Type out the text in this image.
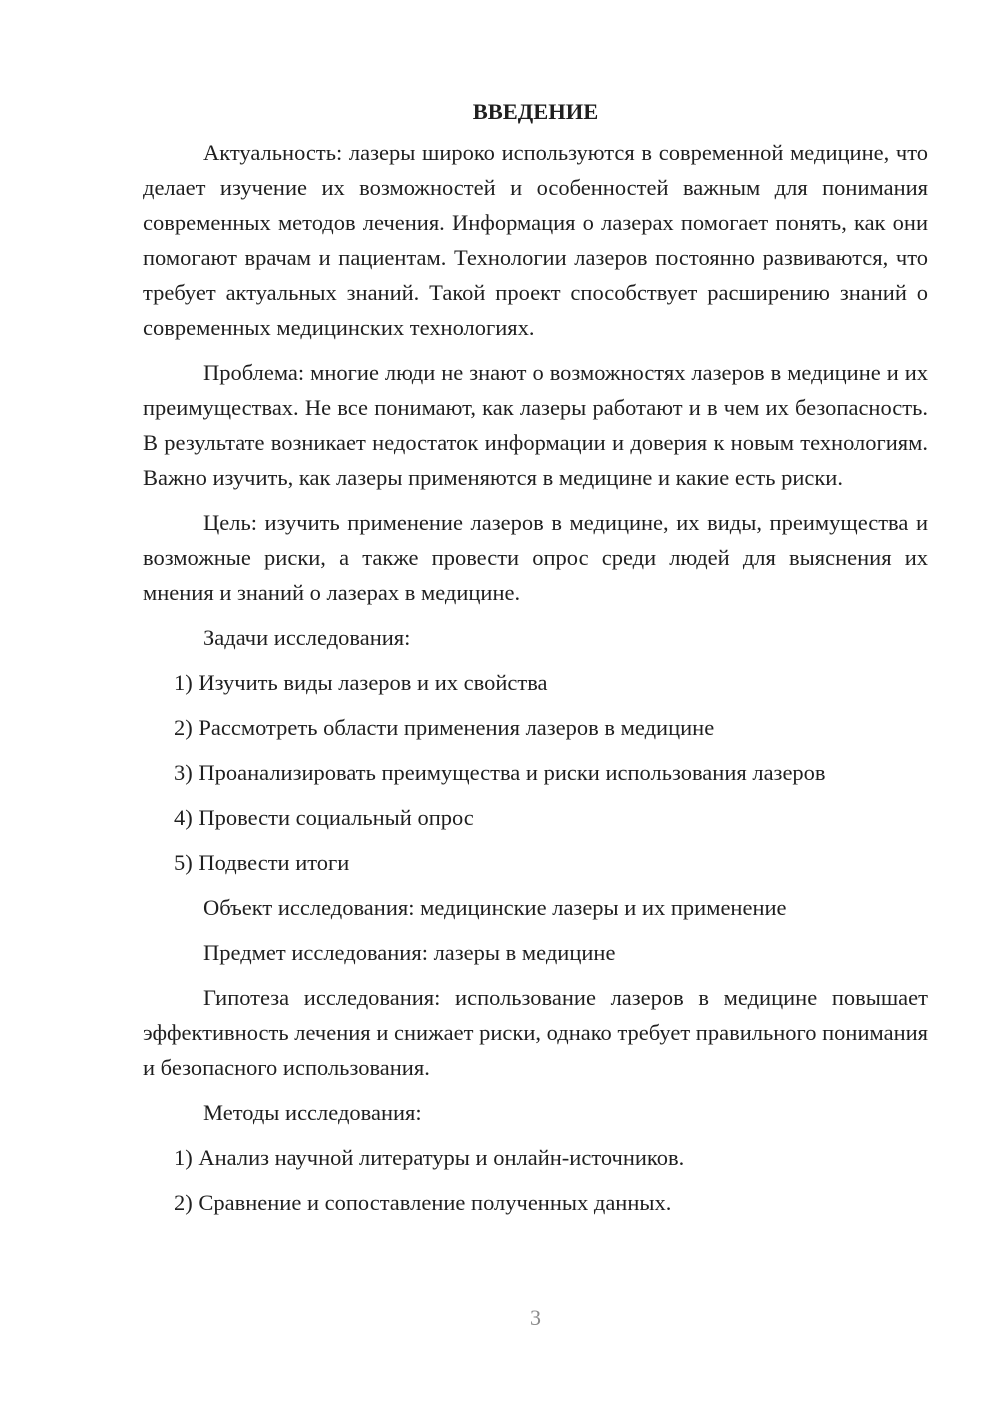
ВВЕДЕНИЕ

Актуальность: лазеры широко используются в современной медицине, что делает изучение их возможностей и особенностей важным для понимания современных методов лечения. Информация о лазерах помогает понять, как они помогают врачам и пациентам. Технологии лазеров постоянно развиваются, что требует актуальных знаний. Такой проект способствует расширению знаний о современных медицинских технологиях.

Проблема: многие люди не знают о возможностях лазеров в медицине и их преимуществах. Не все понимают, как лазеры работают и в чем их безопасность. В результате возникает недостаток информации и доверия к новым технологиям. Важно изучить, как лазеры применяются в медицине и какие есть риски.

Цель: изучить применение лазеров в медицине, их виды, преимущества и возможные риски, а также провести опрос среди людей для выяснения их мнения и знаний о лазерах в медицине.

Задачи исследования:
1) Изучить виды лазеров и их свойства
2) Рассмотреть области применения лазеров в медицине
3) Проанализировать преимущества и риски использования лазеров
4) Провести социальный опрос
5) Подвести итоги
Объект исследования: медицинские лазеры и их применение
Предмет исследования: лазеры в медицине

Гипотеза исследования: использование лазеров в медицине повышает эффективность лечения и снижает риски, однако требует правильного понимания и безопасного использования.

Методы исследования:
1) Анализ научной литературы и онлайн-источников.
2) Сравнение и сопоставление полученных данных.
3
